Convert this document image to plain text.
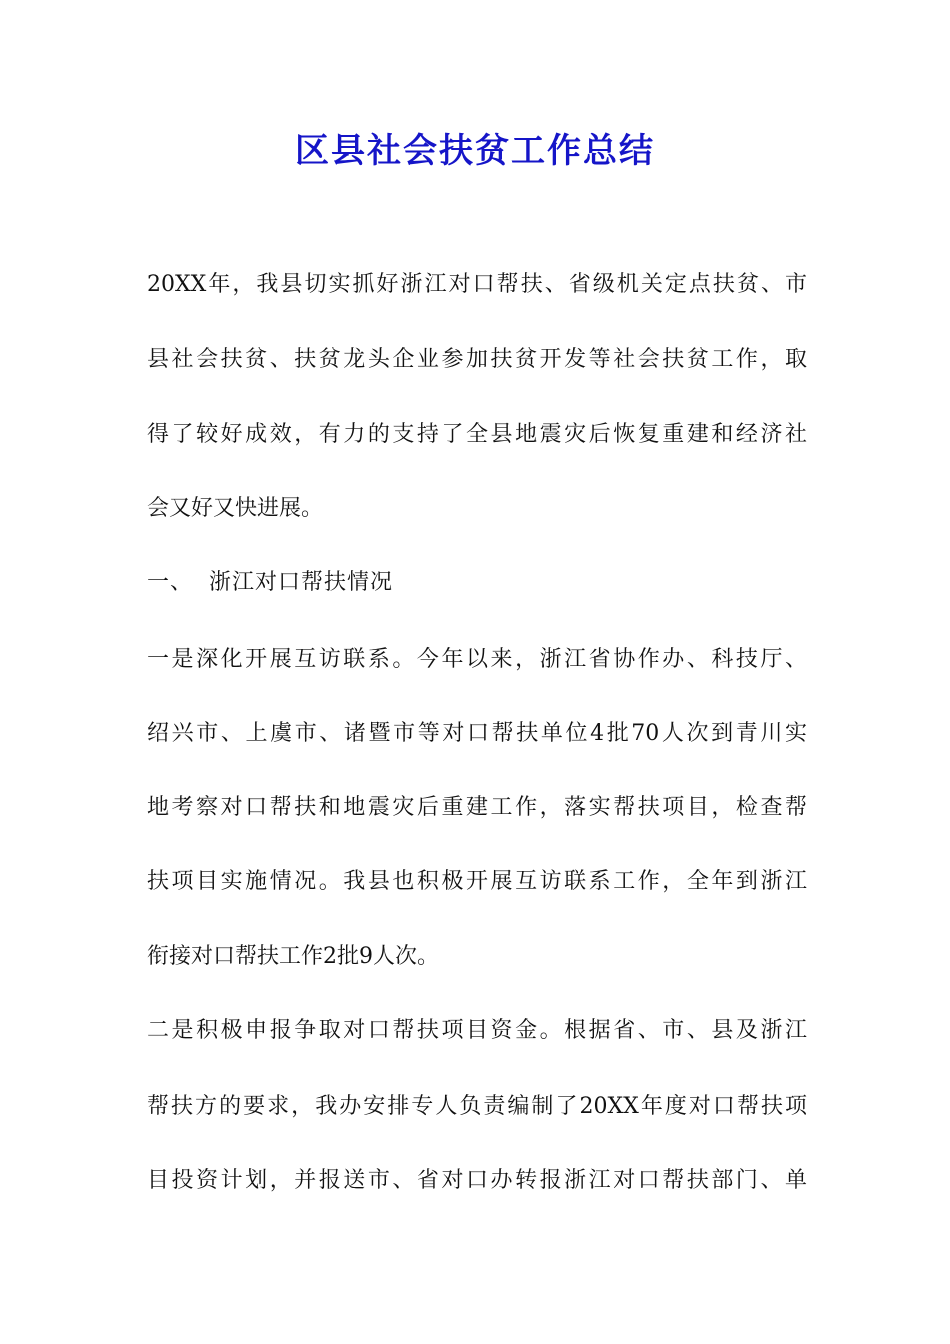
区县社会扶贫工作总结

20XX年，我县切实抓好浙江对口帮扶、省级机关定点扶贫、市

县社会扶贫、扶贫龙头企业参加扶贫开发等社会扶贫工作，取

得了较好成效，有力的支持了全县地震灾后恢复重建和经济社

会又好又快进展。

一、  浙江对口帮扶情况

一是深化开展互访联系。今年以来，浙江省协作办、科技厅、

绍兴市、上虞市、诸暨市等对口帮扶单位4批70人次到青川实

地考察对口帮扶和地震灾后重建工作，落实帮扶项目，检查帮

扶项目实施情况。我县也积极开展互访联系工作，全年到浙江

衔接对口帮扶工作2批9人次。

二是积极申报争取对口帮扶项目资金。根据省、市、县及浙江

帮扶方的要求，我办安排专人负责编制了20XX年度对口帮扶项

目投资计划，并报送市、省对口办转报浙江对口帮扶部门、单
